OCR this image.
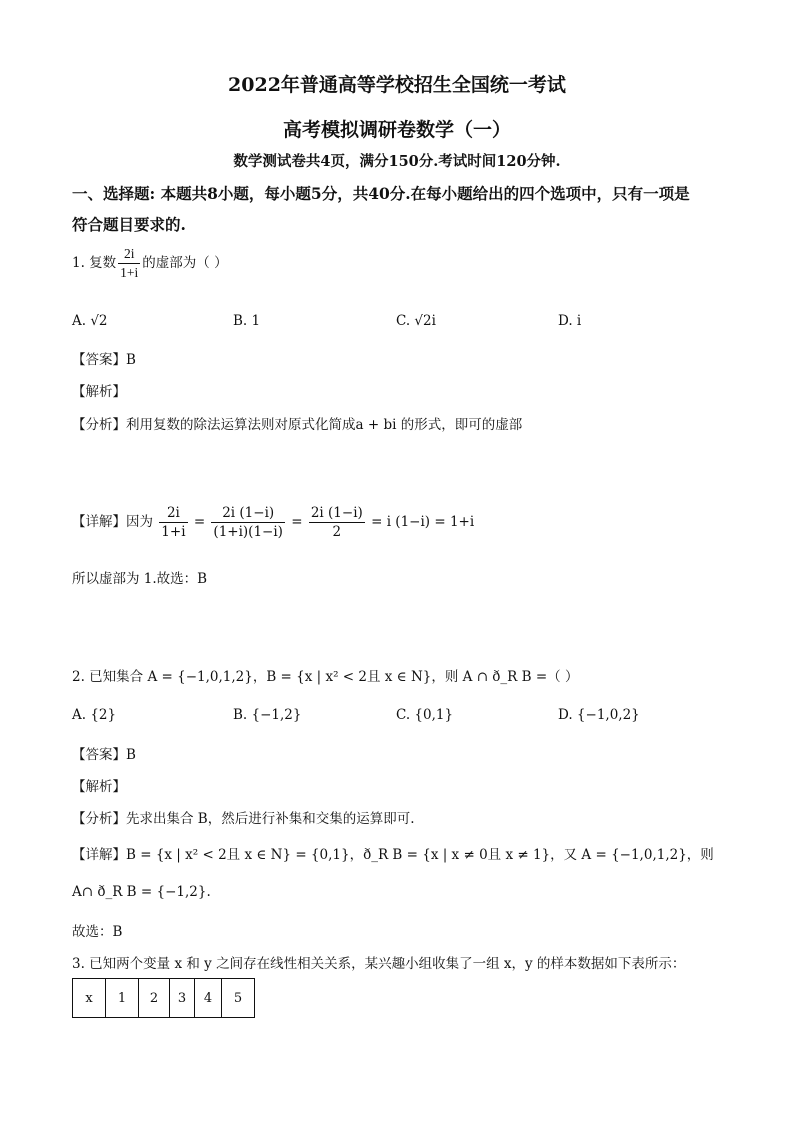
2022年普通高等学校招生全国统一考试
高考模拟调研卷数学（一）
数学测试卷共4页，满分150分.考试时间120分钟.
一、选择题: 本题共8小题，每小题5分，共40分.在每小题给出的四个选项中，只有一项是
符合题目要求的.
1. 复数 $\frac{2i}{1+i}$ 的虚部为（ ）
A. √2	B. 1	C. √2i	D. i
【答案】B
【解析】
【分析】利用复数的除法运算法则对原式化简成a + bi 的形式，即可的虚部
【详解】因为 $\frac{2i}{1+i} = \frac{2i (1-i)}{(1+i)(1-i)} = \frac{2i (1-i)}{2} = i$ (1−i) = 1+i
所以虚部为 1.故选：B
2. 已知集合 A = {−1,0,1,2}，B = {x | x² < 2且 x ∈ N}，则 A ∩ ð_R B =（ ）
A. {2}	B. {−1,2}	C. {0,1}	D. {−1,0,2}
【答案】B
【解析】
【分析】先求出集合 B，然后进行补集和交集的运算即可.
【详解】B = {x | x² < 2且 x ∈ N} = {0,1}，ð_R B = {x | x ≠ 0且 x ≠ 1}，又 A = {−1,0,1,2}，则
A∩ ð_R B = {−1,2}.
故选：B
3. 已知两个变量 x 和 y 之间存在线性相关关系，某兴趣小组收集了一组 x，y 的样本数据如下表所示：
x	1	2	3	4	5
